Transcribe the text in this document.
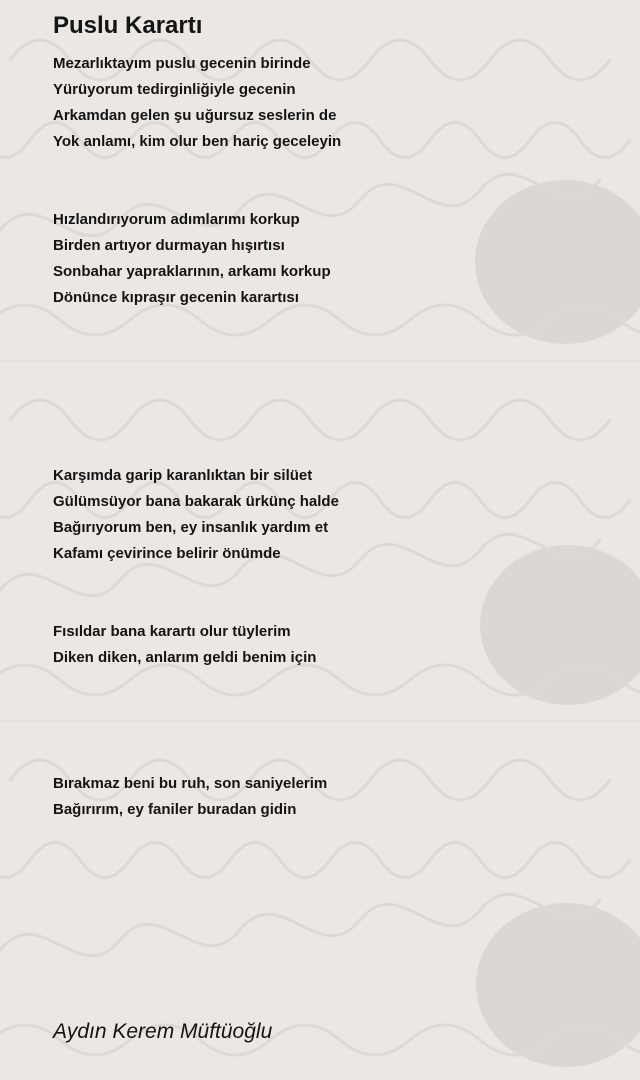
Puslu Karartı
Mezarlıktayım puslu gecenin birinde
Yürüyorum tedirginliğiyle gecenin
Arkamdan gelen şu uğursuz seslerin de
Yok anlamı, kim olur ben hariç geceleyin
Hızlandırıyorum adımlarımı korkup
Birden artıyor durmayan hışırtısı
Sonbahar yapraklarının, arkamı korkup
Dönünce kıpraşır gecenin karartısı
Karşımda garip karanlıktan bir silüet
Gülümsüyor bana bakarak ürkünç halde
Bağırıyorum ben, ey insanlık yardım et
Kafamı çevirince belirir önümde
Fısıldar bana karartı olur tüylerim
Diken diken, anlarım geldi benim için
Bırakmaz beni bu ruh, son saniyelerim
Bağırırım, ey faniler buradan gidin
Aydın Kerem Müftüoğlu
